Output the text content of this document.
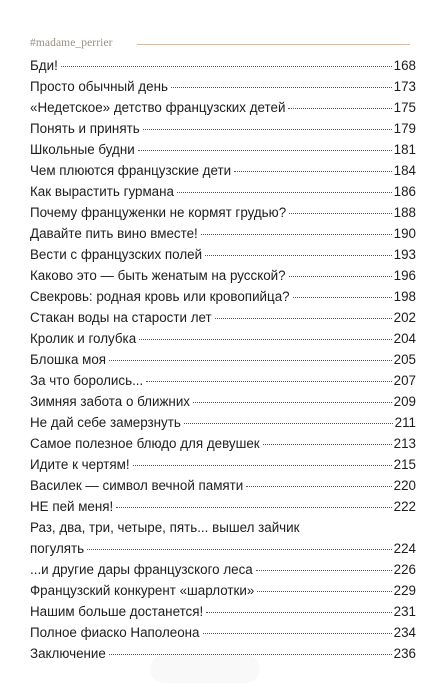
#madame_perrier
Бди!	168
Просто обычный день	173
«Недетское» детство французских детей	175
Понять и принять	179
Школьные будни	181
Чем плюются французские дети	184
Как вырастить гурмана	186
Почему француженки не кормят грудью?	188
Давайте пить вино вместе!	190
Вести с французских полей	193
Каково это — быть женатым на русской?	196
Свекровь: родная кровь или кровопийца?	198
Стакан воды на старости лет	202
Кролик и голубка	204
Блошка моя	205
За что боролись...	207
Зимняя забота о ближних	209
Не дай себе замерзнуть	211
Самое полезное блюдо для девушек	213
Идите к чертям!	215
Василек — символ вечной памяти	220
НЕ пей меня!	222
Раз, два, три, четыре, пять... вышел зайчик
погулять	224
...и другие дары французского леса	226
Французский конкурент «шарлотки»	229
Нашим больше достанется!	231
Полное фиаско Наполеона	234
Заключение	236
